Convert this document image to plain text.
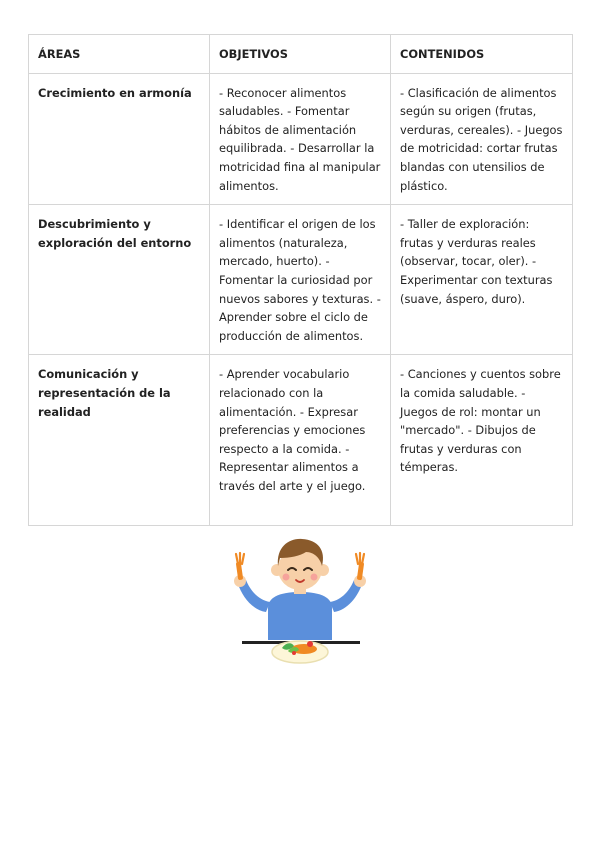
ÁREAS	OBJETIVOS	CONTENIDOS
Crecimiento en armonía	- Reconocer alimentos saludables. - Fomentar hábitos de alimentación equilibrada. - Desarrollar la motricidad fina al manipular alimentos.	- Clasificación de alimentos según su origen (frutas, verduras, cereales). - Juegos de motricidad: cortar frutas blandas con utensilios de plástico.
Descubrimiento y exploración del entorno	- Identificar el origen de los alimentos (naturaleza, mercado, huerto). - Fomentar la curiosidad por nuevos sabores y texturas. - Aprender sobre el ciclo de producción de alimentos.	- Taller de exploración: frutas y verduras reales (observar, tocar, oler). - Experimentar con texturas (suave, áspero, duro).
Comunicación y representación de la realidad	- Aprender vocabulario relacionado con la alimentación. - Expresar preferencias y emociones respecto a la comida. - Representar alimentos a través del arte y el juego.	- Canciones y cuentos sobre la comida saludable. - Juegos de rol: montar un "mercado". - Dibujos de frutas y verduras con témperas.
